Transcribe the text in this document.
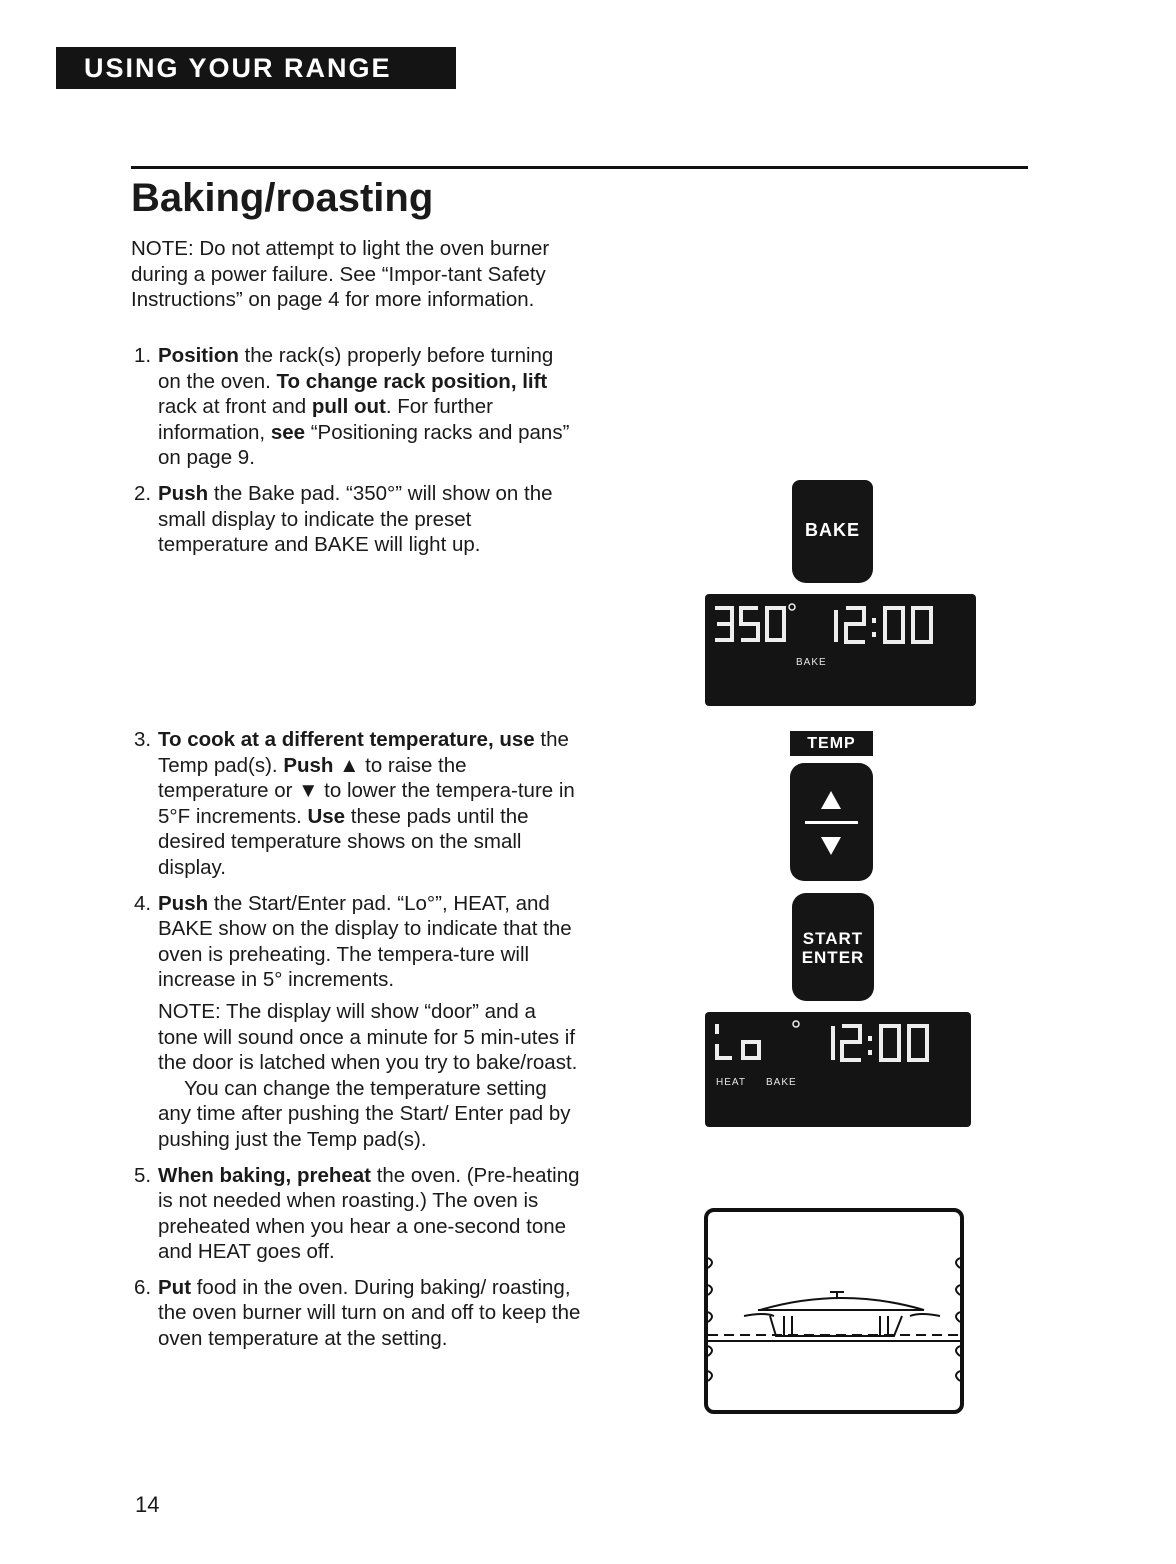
USING YOUR RANGE
Baking/roasting

NOTE: Do not attempt to light the oven burner during a power failure. See “Impor-tant Safety Instructions” on page 4 for more information.

1. Position the rack(s) properly before turning on the oven. To change rack position, lift rack at front and pull out. For further information, see “Positioning racks and pans” on page 9.
2. Push the Bake pad. “350°” will show on the small display to indicate the preset temperature and BAKE will light up.
3. To cook at a different temperature, use the Temp pad(s). Push ▲ to raise the temperature or ▼ to lower the tempera-ture in 5°F increments. Use these pads until the desired temperature shows on the small display.
4. Push the Start/Enter pad. “Lo°”, HEAT, and BAKE show on the display to indicate that the oven is preheating. The tempera-ture will increase in 5° increments.

NOTE: The display will show “door” and a tone will sound once a minute for 5 min-utes if the door is latched when you try to bake/roast.

You can change the temperature setting any time after pushing the Start/ Enter pad by pushing just the Temp pad(s).

5. When baking, preheat the oven. (Pre-heating is not needed when roasting.) The oven is preheated when you hear a one-second tone and HEAT goes off.
6. Put food in the oven. During baking/ roasting, the oven burner will turn on and off to keep the oven temperature at the setting.
BAKE
BAKE
TEMP
START
ENTER
HEAT BAKE
14
